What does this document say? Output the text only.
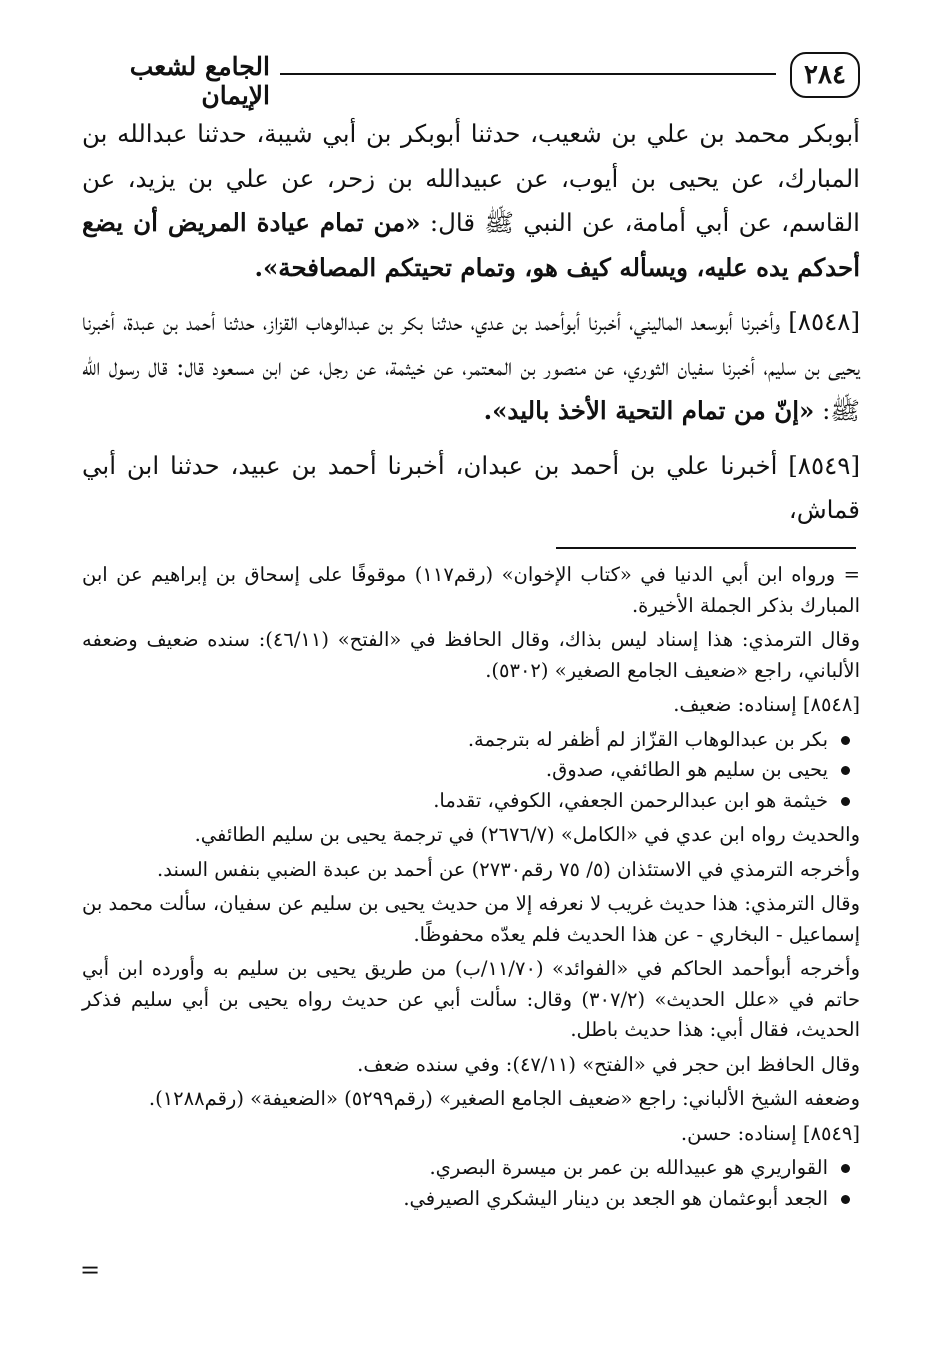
٢٨٤
الجامع لشعب الإيمان

أبوبكر محمد بن علي بن شعيب، حدثنا أبوبكر بن أبي شيبة، حدثنا عبدالله بن المبارك، عن يحيى بن أيوب، عن عبيدالله بن زحر، عن علي بن يزيد، عن القاسم، عن أبي أمامة، عن النبي ﷺ قال: «من تمام عيادة المريض أن يضع أحدكم يده عليه، ويسأله كيف هو، وتمام تحيتكم المصافحة».

[٨٥٤٨] وأخبرنا أبوسعد الماليني، أخبرنا أبوأحمد بن عدي، حدثنا بكر بن عبدالوهاب القزاز، حدثنا أحمد بن عبدة، أخبرنا يحيى بن سليم، أخبرنا سفيان الثوري، عن منصور بن المعتمر، عن خيثمة، عن رجل، عن ابن مسعود قال: قال رسول الله ﷺ: «إنّ من تمام التحية الأخذ باليد».

[٨٥٤٩] أخبرنا علي بن أحمد بن عبدان، أخبرنا أحمد بن عبيد، حدثنا ابن أبي قماش،

= ورواه ابن أبي الدنيا في «كتاب الإخوان» (رقم١١٧) موقوفًا على إسحاق بن إبراهيم عن ابن المبارك بذكر الجملة الأخيرة.

وقال الترمذي: هذا إسناد ليس بذاك، وقال الحافظ في «الفتح» (٤٦/١١): سنده ضعيف وضعفه الألباني، راجع «ضعيف الجامع الصغير» (٥٣٠٢).

[٨٥٤٨] إسناده: ضعيف.

بكر بن عبدالوهاب القزّاز لم أظفر له بترجمة.
يحيى بن سليم هو الطائفي، صدوق.
خيثمة هو ابن عبدالرحمن الجعفي، الكوفي، تقدما.

والحديث رواه ابن عدي في «الكامل» (٢٦٧٦/٧) في ترجمة يحيى بن سليم الطائفي.

وأخرجه الترمذي في الاستئذان (٥/ ٧٥ رقم٢٧٣٠) عن أحمد بن عبدة الضبي بنفس السند.

وقال الترمذي: هذا حديث غريب لا نعرفه إلا من حديث يحيى بن سليم عن سفيان، سألت محمد بن إسماعيل - البخاري - عن هذا الحديث فلم يعدّه محفوظًا.

وأخرجه أبوأحمد الحاكم في «الفوائد» (١١/٧٠/ب) من طريق يحيى بن سليم به وأورده ابن أبي حاتم في «علل الحديث» (٣٠٧/٢) وقال: سألت أبي عن حديث رواه يحيى بن أبي سليم فذكر الحديث، فقال أبي: هذا حديث باطل.

وقال الحافظ ابن حجر في «الفتح» (٤٧/١١): وفي سنده ضعف.

وضعفه الشيخ الألباني: راجع «ضعيف الجامع الصغير» (رقم٥٢٩٩) «الضعيفة» (رقم١٢٨٨).

[٨٥٤٩] إسناده: حسن.

القواريري هو عبيدالله بن عمر بن ميسرة البصري.
الجعد أبوعثمان هو الجعد بن دينار اليشكري الصيرفي.
=
